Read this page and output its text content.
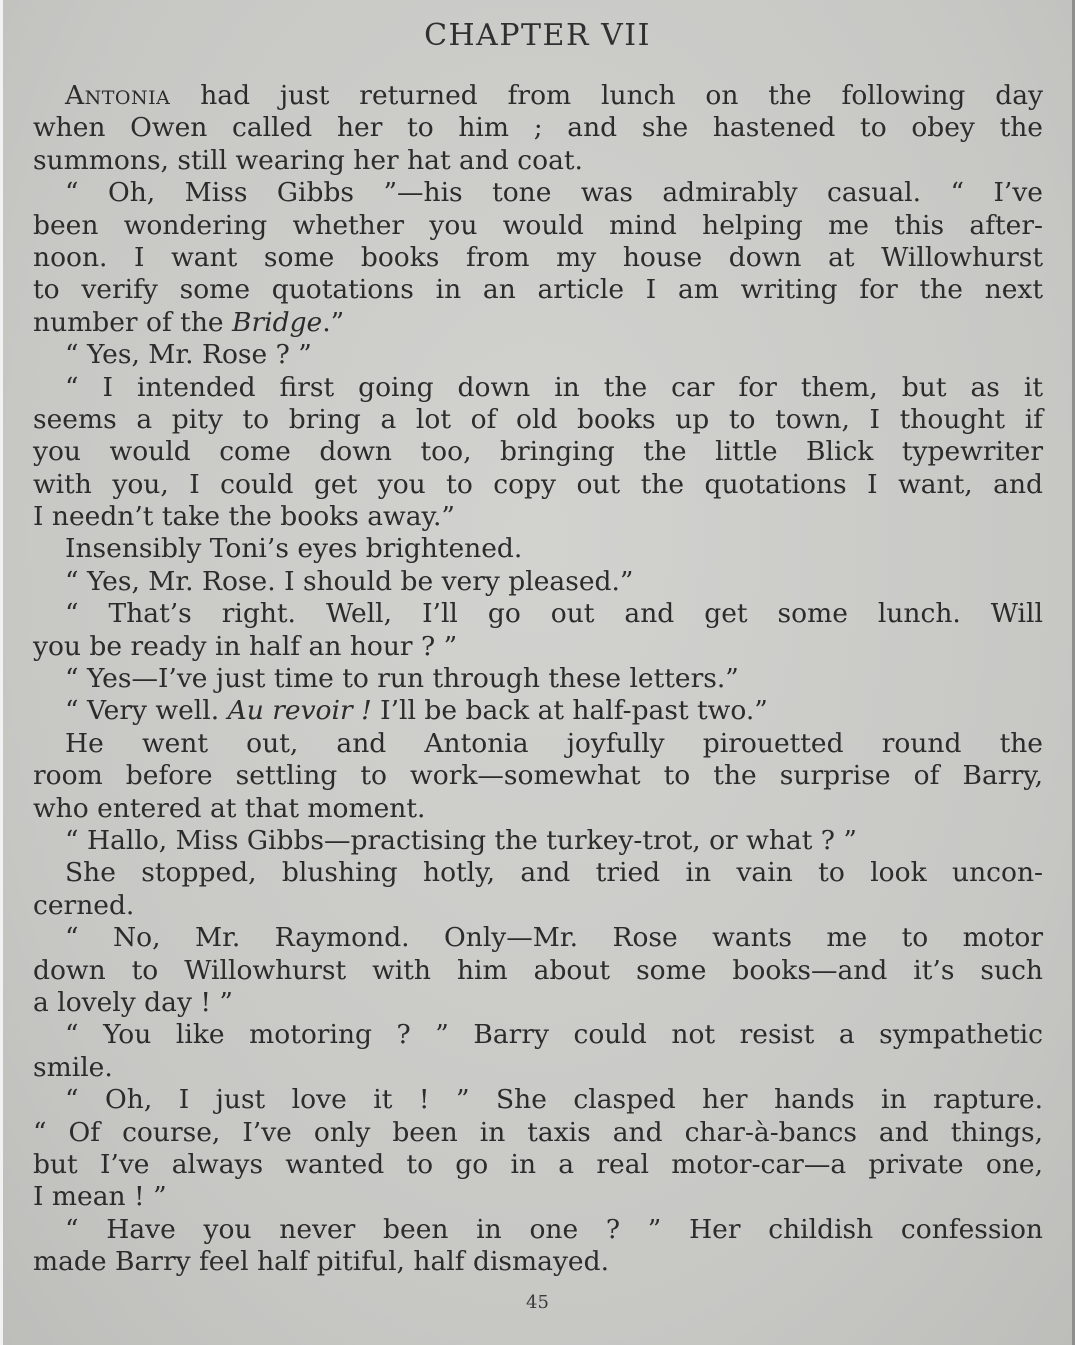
CHAPTER VII
Antonia had just returned from lunch on the following day
when Owen called her to him ; and she hastened to obey the
summons, still wearing her hat and coat.
“ Oh, Miss Gibbs ”—his tone was admirably casual. “ I’ve
been wondering whether you would mind helping me this after-
noon. I want some books from my house down at Willowhurst
to verify some quotations in an article I am writing for the next
number of the Bridge.”
“ Yes, Mr. Rose ? ”
“ I intended first going down in the car for them, but as it
seems a pity to bring a lot of old books up to town, I thought if
you would come down too, bringing the little Blick typewriter
with you, I could get you to copy out the quotations I want, and
I needn’t take the books away.”
Insensibly Toni’s eyes brightened.
“ Yes, Mr. Rose. I should be very pleased.”
“ That’s right. Well, I’ll go out and get some lunch. Will
you be ready in half an hour ? ”
“ Yes—I’ve just time to run through these letters.”
“ Very well. Au revoir ! I’ll be back at half-past two.”
He went out, and Antonia joyfully pirouetted round the
room before settling to work—somewhat to the surprise of Barry,
who entered at that moment.
“ Hallo, Miss Gibbs—practising the turkey-trot, or what ? ”
She stopped, blushing hotly, and tried in vain to look uncon-
cerned.
“ No, Mr. Raymond. Only—Mr. Rose wants me to motor
down to Willowhurst with him about some books—and it’s such
a lovely day ! ”
“ You like motoring ? ” Barry could not resist a sympathetic
smile.
“ Oh, I just love it ! ” She clasped her hands in rapture.
“ Of course, I’ve only been in taxis and char-à-bancs and things,
but I’ve always wanted to go in a real motor-car—a private one,
I mean ! ”
“ Have you never been in one ? ” Her childish confession
made Barry feel half pitiful, half dismayed.
45
